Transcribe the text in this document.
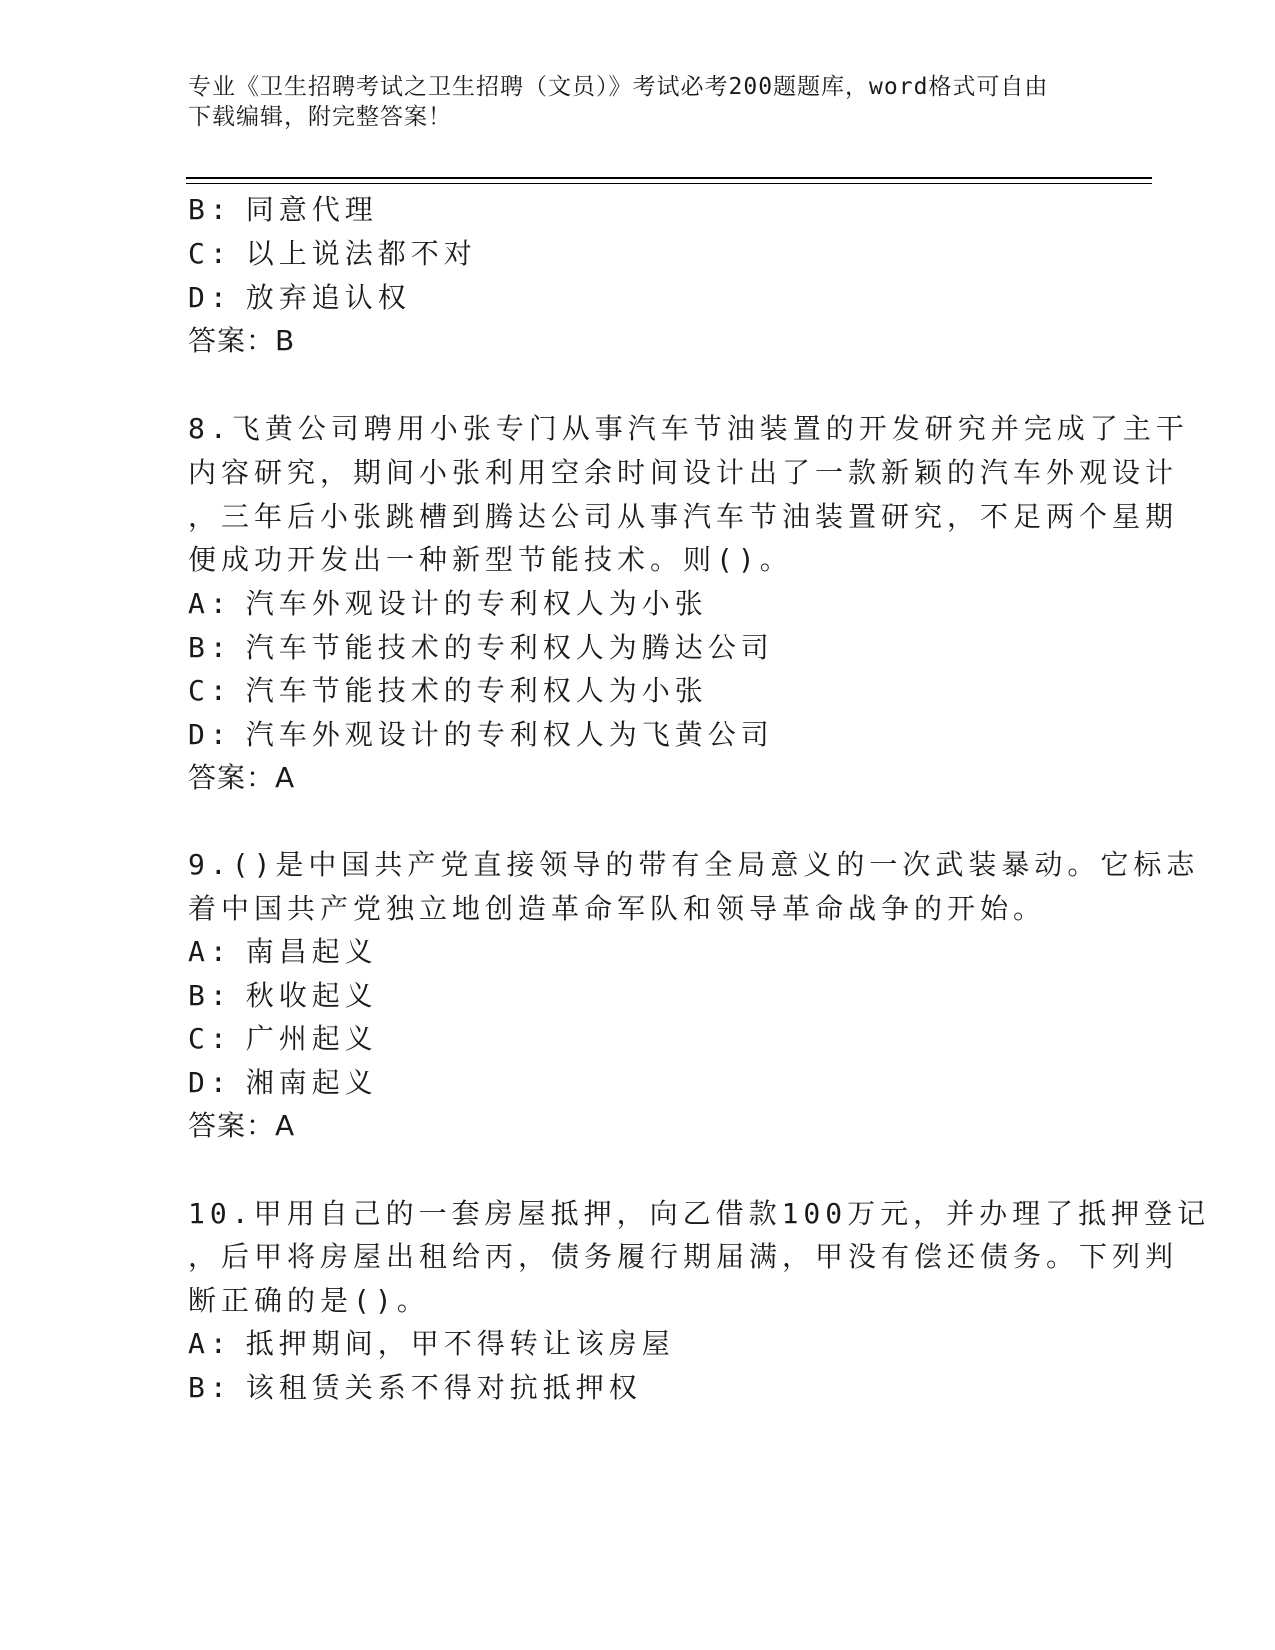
专业《卫生招聘考试之卫生招聘（文员）》考试必考200题题库，word格式可自由下载编辑，附完整答案！
B: 同意代理
C: 以上说法都不对
D: 放弃追认权
答案：B
8.飞黄公司聘用小张专门从事汽车节油装置的开发研究并完成了主干
内容研究，期间小张利用空余时间设计出了一款新颖的汽车外观设计
，三年后小张跳槽到腾达公司从事汽车节油装置研究，不足两个星期
便成功开发出一种新型节能技术。则()。
A: 汽车外观设计的专利权人为小张
B: 汽车节能技术的专利权人为腾达公司
C: 汽车节能技术的专利权人为小张
D: 汽车外观设计的专利权人为飞黄公司
答案：A
9.()是中国共产党直接领导的带有全局意义的一次武装暴动。它标志
着中国共产党独立地创造革命军队和领导革命战争的开始。
A: 南昌起义
B: 秋收起义
C: 广州起义
D: 湘南起义
答案：A
10.甲用自己的一套房屋抵押，向乙借款100万元，并办理了抵押登记
，后甲将房屋出租给丙，债务履行期届满，甲没有偿还债务。下列判
断正确的是()。
A: 抵押期间，甲不得转让该房屋
B: 该租赁关系不得对抗抵押权
